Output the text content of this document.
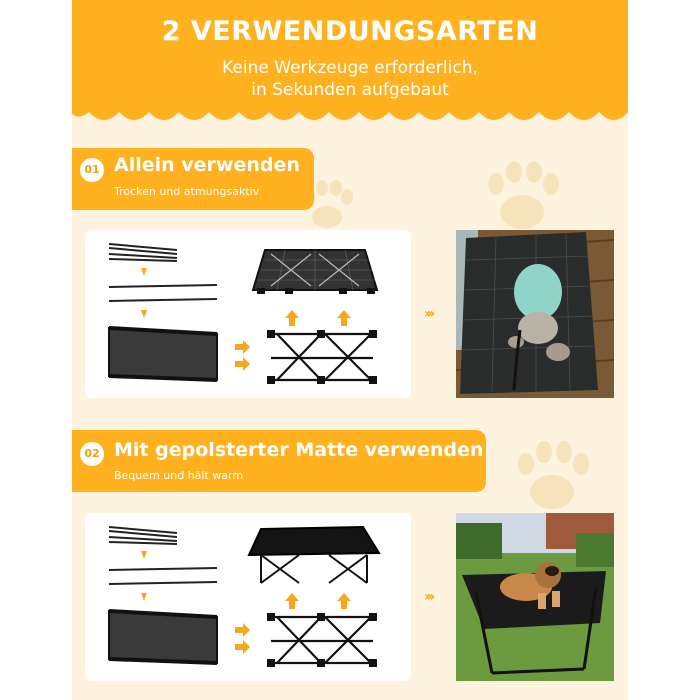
2 VERWENDUNGSARTEN
Keine Werkzeuge erforderlich,
in Sekunden aufgebaut
01 Allein verwenden
Trocken und atmungsaktiv
›››
02 Mit gepolsterter Matte verwenden
Bequem und hält warm
›››
